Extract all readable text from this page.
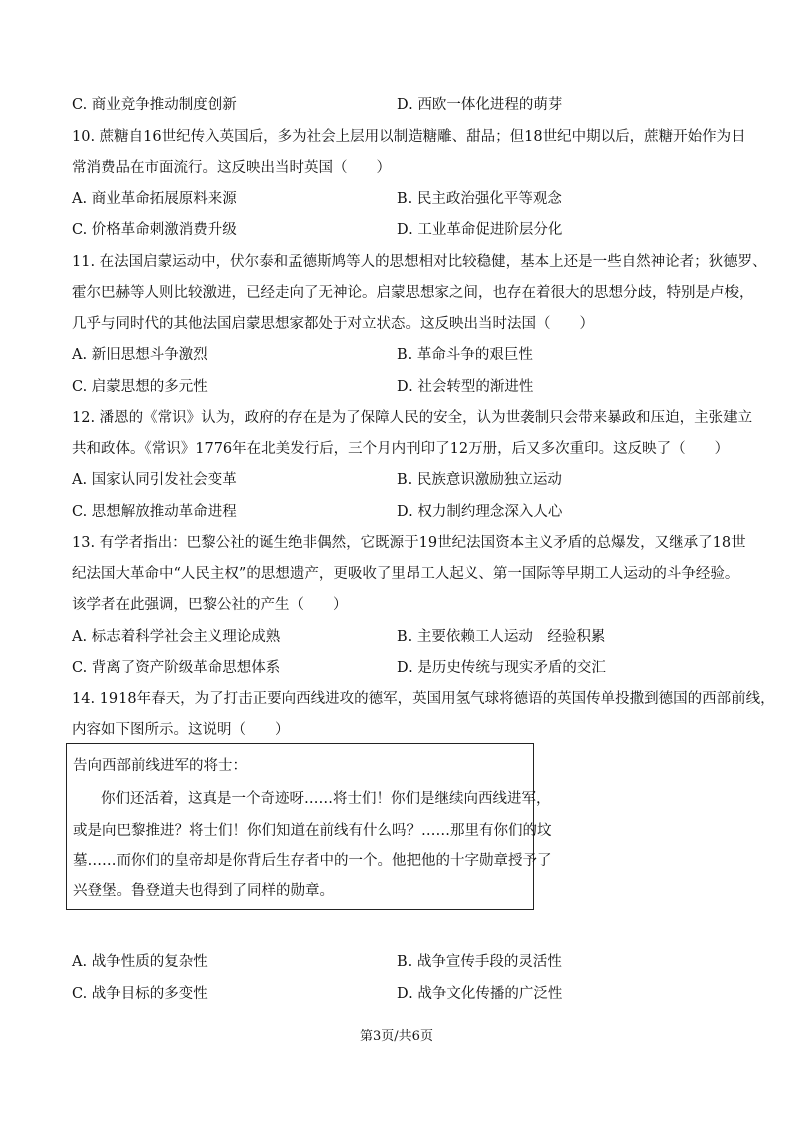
C. 商业竞争推动制度创新	D. 西欧一体化进程的萌芽
10. 蔗糖自16世纪传入英国后，多为社会上层用以制造糖雕、甜品；但18世纪中期以后，蔗糖开始作为日
常消费品在市面流行。这反映出当时英国（　　）
A. 商业革命拓展原料来源	B. 民主政治强化平等观念
C. 价格革命刺激消费升级	D. 工业革命促进阶层分化
11. 在法国启蒙运动中，伏尔泰和孟德斯鸠等人的思想相对比较稳健，基本上还是一些自然神论者；狄德罗、
霍尔巴赫等人则比较激进，已经走向了无神论。启蒙思想家之间，也存在着很大的思想分歧，特别是卢梭，
几乎与同时代的其他法国启蒙思想家都处于对立状态。这反映出当时法国（　　）
A. 新旧思想斗争激烈	B. 革命斗争的艰巨性
C. 启蒙思想的多元性	D. 社会转型的渐进性
12. 潘恩的《常识》认为，政府的存在是为了保障人民的安全，认为世袭制只会带来暴政和压迫，主张建立
共和政体。《常识》1776年在北美发行后，三个月内刊印了12万册，后又多次重印。这反映了（　　）
A. 国家认同引发社会变革	B. 民族意识激励独立运动
C. 思想解放推动革命进程	D. 权力制约理念深入人心
13. 有学者指出：巴黎公社的诞生绝非偶然，它既源于19世纪法国资本主义矛盾的总爆发，又继承了18世
纪法国大革命中“人民主权”的思想遗产，更吸收了里昂工人起义、第一国际等早期工人运动的斗争经验。
该学者在此强调，巴黎公社的产生（　　）
A. 标志着科学社会主义理论成熟	B. 主要依赖工人运动　经验积累
C. 背离了资产阶级革命思想体系	D. 是历史传统与现实矛盾的交汇
14. 1918年春天，为了打击正要向西线进攻的德军，英国用氢气球将德语的英国传单投撒到德国的西部前线，
内容如下图所示。这说明（　　）
告向西部前线进军的将士：
你们还活着，这真是一个奇迹呀……将士们！你们是继续向西线进军，
或是向巴黎推进？将士们！你们知道在前线有什么吗？……那里有你们的坟
墓……而你们的皇帝却是你背后生存者中的一个。他把他的十字勋章授予了
兴登堡。鲁登道夫也得到了同样的勋章。
A. 战争性质的复杂性	B. 战争宣传手段的灵活性
C. 战争目标的多变性	D. 战争文化传播的广泛性
第3页/共6页
